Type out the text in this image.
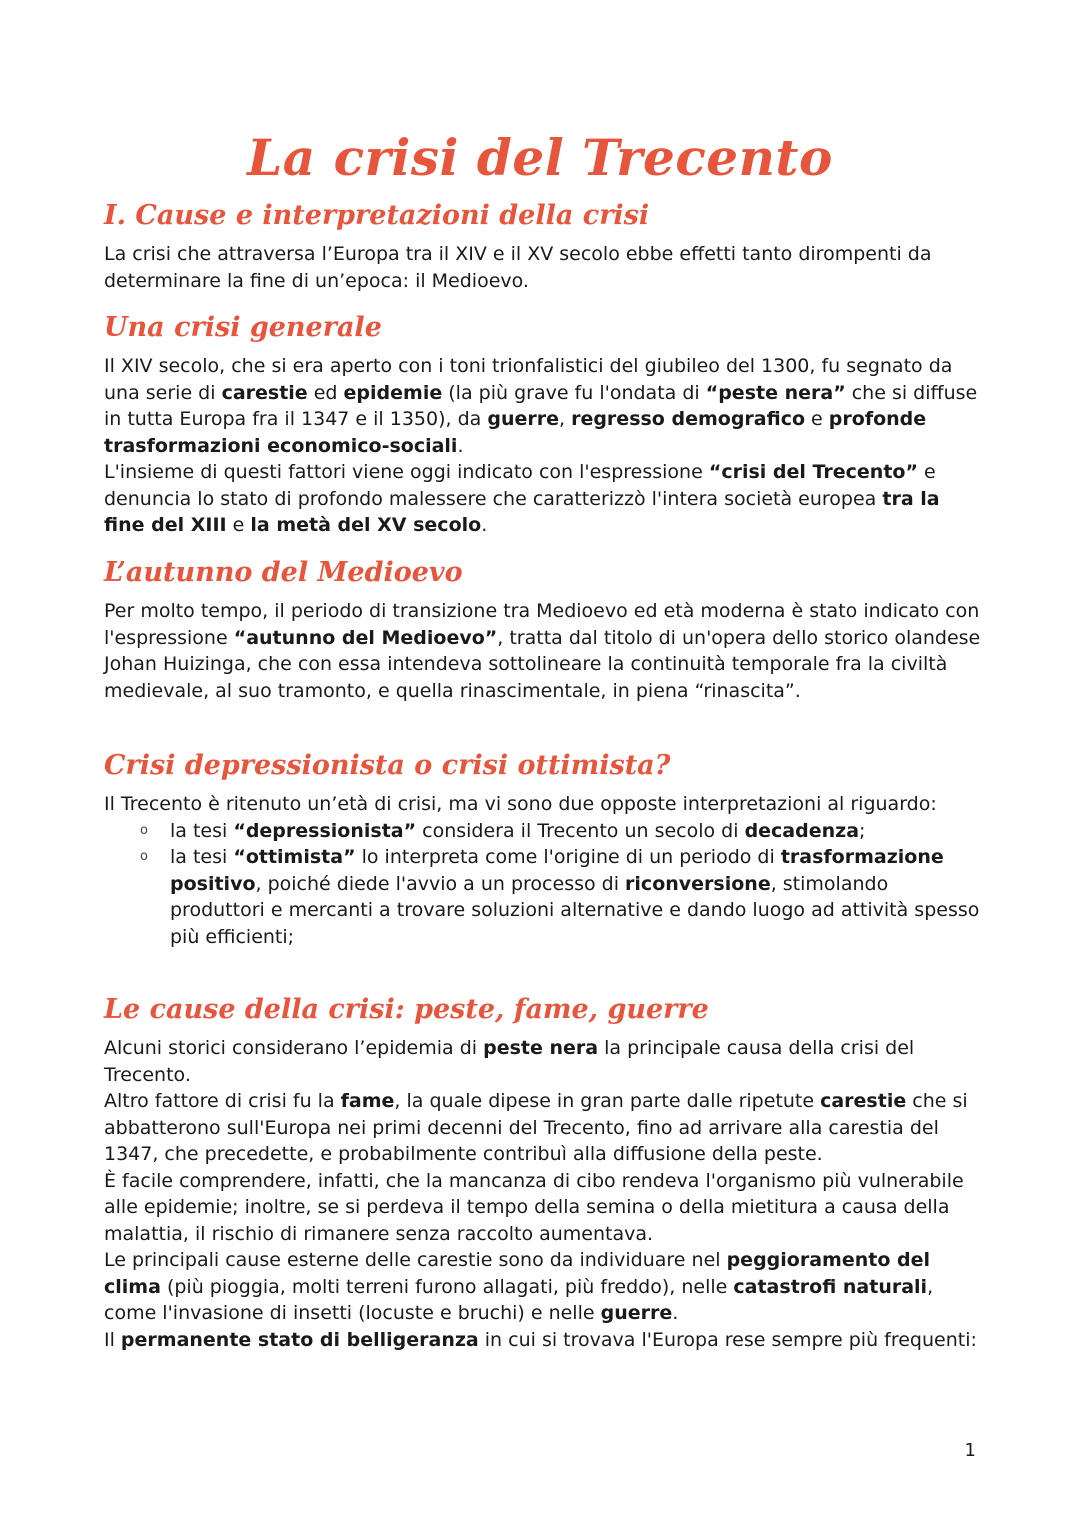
La crisi del Trecento
I. Cause e interpretazioni della crisi

La crisi che attraversa l’Europa tra il XIV e il XV secolo ebbe effetti tanto dirompenti da determinare la fine di un’epoca: il Medioevo.

Una crisi generale

Il XIV secolo, che si era aperto con i toni trionfalistici del giubileo del 1300, fu segnato da una serie di carestie ed epidemie (la più grave fu l'ondata di “peste nera” che si diffuse in tutta Europa fra il 1347 e il 1350), da guerre, regresso demografico e profonde trasformazioni economico-sociali.

L'insieme di questi fattori viene oggi indicato con l'espressione “crisi del Trecento” e denuncia lo stato di profondo malessere che caratterizzò l'intera società europea tra la fine del XIII e la metà del XV secolo.

L’autunno del Medioevo

Per molto tempo, il periodo di transizione tra Medioevo ed età moderna è stato indicato con l'espressione “autunno del Medioevo”, tratta dal titolo di un'opera dello storico olandese Johan Huizinga, che con essa intendeva sottolineare la continuità temporale fra la civiltà medievale, al suo tramonto, e quella rinascimentale, in piena “rinascita”.

Crisi depressionista o crisi ottimista?

Il Trecento è ritenuto un’età di crisi, ma vi sono due opposte interpretazioni al riguardo:

o la tesi “depressionista” considera il Trecento un secolo di decadenza;
o la tesi “ottimista” lo interpreta come l'origine di un periodo di trasformazione positivo, poiché diede l'avvio a un processo di riconversione, stimolando produttori e mercanti a trovare soluzioni alternative e dando luogo ad attività spesso più efficienti;
Le cause della crisi: peste, fame, guerre

Alcuni storici considerano l’epidemia di peste nera la principale causa della crisi del Trecento.

Altro fattore di crisi fu la fame, la quale dipese in gran parte dalle ripetute carestie che si abbatterono sull'Europa nei primi decenni del Trecento, fino ad arrivare alla carestia del 1347, che precedette, e probabilmente contribuì alla diffusione della peste.

È facile comprendere, infatti, che la mancanza di cibo rendeva l'organismo più vulnerabile alle epidemie; inoltre, se si perdeva il tempo della semina o della mietitura a causa della malattia, il rischio di rimanere senza raccolto aumentava.

Le principali cause esterne delle carestie sono da individuare nel peggioramento del clima (più pioggia, molti terreni furono allagati, più freddo), nelle catastrofi naturali, come l'invasione di insetti (locuste e bruchi) e nelle guerre.

Il permanente stato di belligeranza in cui si trovava l'Europa rese sempre più frequenti:

1
